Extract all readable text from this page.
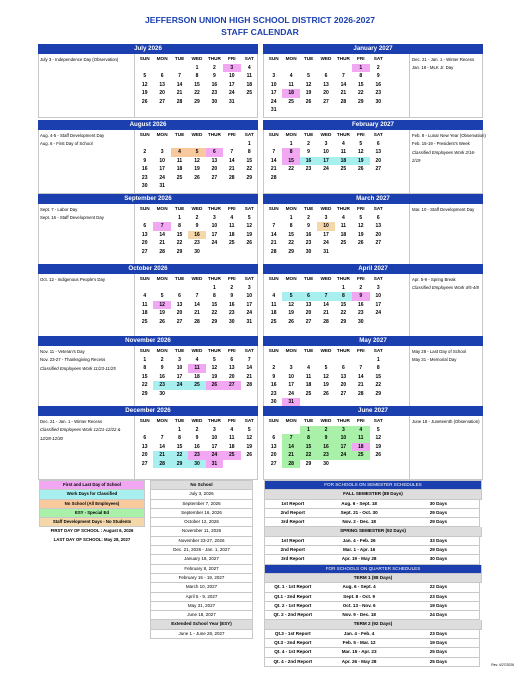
JEFFERSON UNION HIGH SCHOOL DISTRICT 2026-2027
STAFF CALENDAR
July 2026
July 3 - Independence Day (Observation)	SUN	MON	TUE	WED	THUR	FRI	SAT
			1	2	3	4
5	6	7	8	9	10	11
12	13	14	15	16	17	18
19	20	21	22	23	24	25
26	27	28	29	30	31	
August 2026
Aug. 4-5 - Staff Development Day
Aug. 6 - First Day of School
SUN	MON	TUE	WED	THUR	FRI	SAT
						1
2	3	4	5	6	7	8
9	10	11	12	13	14	15
16	17	18	19	20	21	22
23	24	25	26	27	28	29
30	31					
September 2026
Sept. 7 - Labor Day
Sept. 16 - Staff Development Day
SUN	MON	TUE	WED	THUR	FRI	SAT
		1	2	3	4	5
6	7	8	9	10	11	12
13	14	15	16	17	18	19
20	21	22	23	24	25	26
27	28	29	30			
October 2026
Oct. 12 - Indigenous People's Day	SUN	MON	TUE	WED	THUR	FRI	SAT
				1	2	3
4	5	6	7	8	9	10
11	12	13	14	15	16	17
18	19	20	21	22	23	24
25	26	27	28	29	30	31
November 2026
Nov. 11 - Veteran's Day
Nov. 23-27 - Thanksgiving Recess
Classified Employees Work 11/23-11/25
SUN	MON	TUE	WED	THUR	FRI	SAT
1	2	3	4	5	6	7
8	9	10	11	12	13	14
15	16	17	18	19	20	21
22	23	24	25	26	27	28
29	30					
December 2026
Dec. 21 - Jan. 1 - Winter Recess
Classified Employees Work 12/21-12/22 & 12/28-12/30
SUN	MON	TUE	WED	THUR	FRI	SAT
		1	2	3	4	5
6	7	8	9	10	11	12
13	14	15	16	17	18	19
20	21	22	23	24	25	26
27	28	29	30	31		
January 2027
Dec. 21 - Jan. 1 - Winter Recess
Jan. 18 - MLK Jr. Day
SUN	MON	TUE	WED	THUR	FRI	SAT
					1	2
3	4	5	6	7	8	9
10	11	12	13	14	15	16
17	18	19	20	21	22	23
24	25	26	27	28	29	30
31						
February 2027
Feb. 8 - Lunar New Year (Observation)
Feb. 15-19 - President's Week
Classified Employees Work 2/16-2/19
SUN	MON	TUE	WED	THUR	FRI	SAT
	1	2	3	4	5	6
7	8	9	10	11	12	13
14	15	16	17	18	19	20
21	22	23	24	25	26	27
28						
March 2027
Mar. 10 - Staff Development Day
SUN	MON	TUE	WED	THUR	FRI	SAT
	1	2	3	4	5	6
7	8	9	10	11	12	13
14	15	16	17	18	19	20
21	22	23	24	25	26	27
28	29	30	31			
April 2027
Apr. 5-9 - Spring Break
Classified Employees Work 4/5-4/8
SUN	MON	TUE	WED	THUR	FRI	SAT
				1	2	3
4	5	6	7	8	9	10
11	12	13	14	15	16	17
18	19	20	21	22	23	24
25	26	27	28	29	30	
May 2027
May 28 - Last Day of School
May 31 - Memorial Day
SUN	MON	TUE	WED	THUR	FRI	SAT
						1
2	3	4	5	6	7	8
9	10	11	12	13	14	15
16	17	18	19	20	21	22
23	24	25	26	27	28	29
30	31					
June 2027
June 18 - Juneteenth (Observation)
SUN	MON	TUE	WED	THUR	FRI	SAT
		1	2	3	4	5
6	7	8	9	10	11	12
13	14	15	16	17	18	19
20	21	22	23	24	25	26
27	28	29	30			
First and Last Day of School
Work Days for Classified
No School (All Employees)
ESY - Special Ed
Staff Development Days - No Students
FIRST DAY OF SCHOOL : August 6, 2026
LAST DAY OF SCHOOL: May 28, 2027
No School
July 3, 2026
September 7, 2026
September 16, 2026
October 12, 2026
November 11, 2026
November 23-27, 2026
Dec. 21, 2026 - Jan. 1, 2027
January 18, 2027
February 8, 2027
February 15 - 19, 2027
March 10, 2027
April 5 - 9, 2027
May 31, 2027
June 18, 2027
Extended School Year (ESY)
June 1 - June 28, 2027
FOR SCHOOLS ON SEMESTER SCHEDULES
FALL SEMESTER (88 Days)
1st Report	Aug. 6 - Sept. 18	30 Days
2nd Report	Sept. 21 - Oct. 30	29 Days
3rd Report	Nov. 2 - Dec. 18	29 Days
SPRING SEMESTER (92 Days)
1st Report	Jan. 4 - Feb. 26	33 Days
2nd Report	Mar. 1 - Apr. 16	29 Days
3rd Report	Apr. 19 - May 28	30 Days
FOR SCHOOLS ON QUARTER SCHEDULES
TERM 1 (88 Days)
Qt. 1 - 1st Report	Aug. 6 - Sept. 4	22 Days
Qt.1 - 2nd Report	Sept. 8 - Oct. 9	23 Days
Qt. 2 - 1st Report	Oct. 13 - Nov. 6	19 Days
Qt. 2 - 2nd Report	Nov. 9 - Dec. 18	24 Days
TERM 2 (92 Days)
Qt.3 - 1st Report	Jan. 4 - Feb. 4	23 Days
Qt.3 - 2nd Report	Feb. 5 - Mar. 12	19 Days
Qt. 4 - 1st Report	Mar. 15 - Apr. 23	25 Days
Qt. 4 - 2nd Report	Apr. 26 - May 28	25 Days
Rev. 4/27/2026
